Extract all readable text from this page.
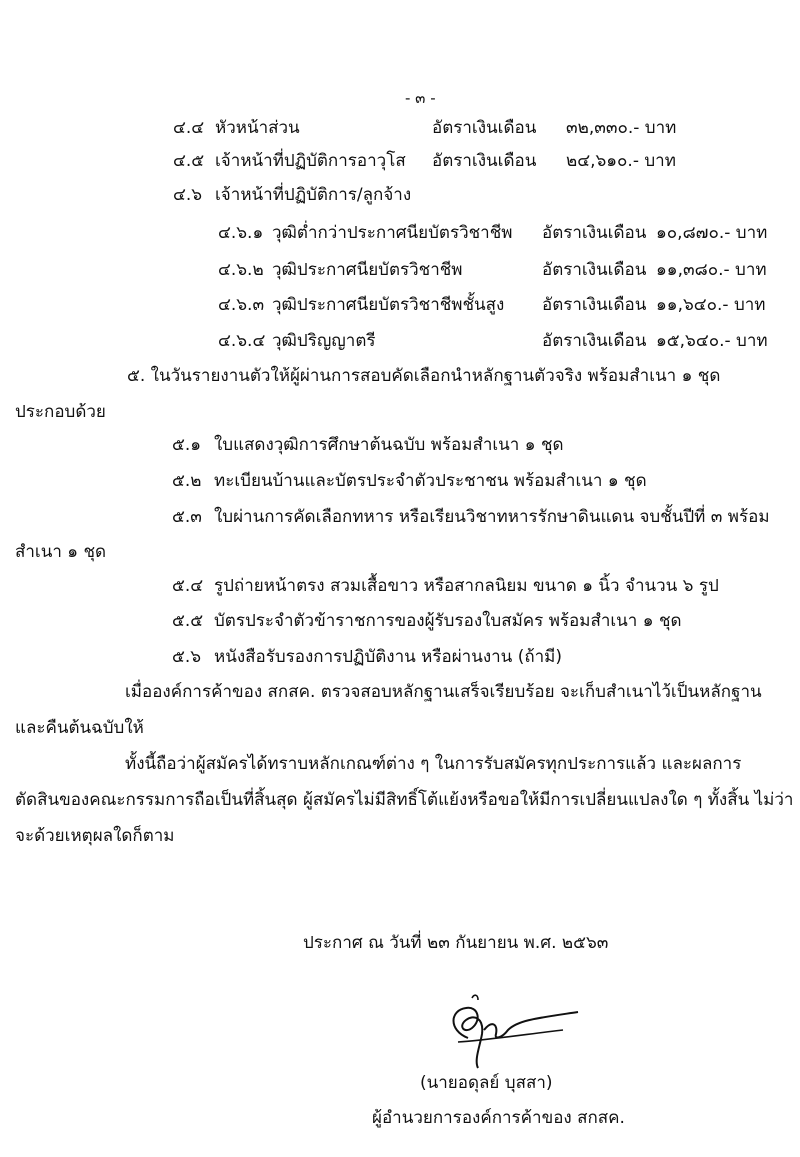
- ๓ -
๔.๔ หัวหน้าส่วน	อัตราเงินเดือน ๓๒,๓๓๐.- บาท
๔.๕ เจ้าหน้าที่ปฏิบัติการอาวุโส อัตราเงินเดือน ๒๔,๖๑๐.- บาท
๔.๖ เจ้าหน้าที่ปฏิบัติการ/ลูกจ้าง
๔.๖.๑ วุฒิต่ำกว่าประกาศนียบัตรวิชาชีพ อัตราเงินเดือน ๑๐,๘๗๐.- บาท
๔.๖.๒ วุฒิประกาศนียบัตรวิชาชีพ	อัตราเงินเดือน ๑๑,๓๘๐.- บาท
๔.๖.๓ วุฒิประกาศนียบัตรวิชาชีพชั้นสูง อัตราเงินเดือน ๑๑,๖๔๐.- บาท
๔.๖.๔ วุฒิปริญญาตรี	อัตราเงินเดือน ๑๕,๖๔๐.- บาท
๕. ในวันรายงานตัวให้ผู้ผ่านการสอบคัดเลือกนำหลักฐานตัวจริง พร้อมสำเนา ๑ ชุด
ประกอบด้วย
๕.๑ ใบแสดงวุฒิการศึกษาต้นฉบับ พร้อมสำเนา ๑ ชุด
๕.๒ ทะเบียนบ้านและบัตรประจำตัวประชาชน พร้อมสำเนา ๑ ชุด
๕.๓ ใบผ่านการคัดเลือกทหาร หรือเรียนวิชาทหารรักษาดินแดน จบชั้นปีที่ ๓ พร้อม
สำเนา ๑ ชุด
๕.๔ รูปถ่ายหน้าตรง สวมเสื้อขาว หรือสากลนิยม ขนาด ๑ นิ้ว จำนวน ๖ รูป
๕.๕ บัตรประจำตัวข้าราชการของผู้รับรองใบสมัคร พร้อมสำเนา ๑ ชุด
๕.๖ หนังสือรับรองการปฏิบัติงาน หรือผ่านงาน (ถ้ามี)
เมื่อองค์การค้าของ สกสค. ตรวจสอบหลักฐานเสร็จเรียบร้อย จะเก็บสำเนาไว้เป็นหลักฐาน
และคืนต้นฉบับให้
ทั้งนี้ถือว่าผู้สมัครได้ทราบหลักเกณฑ์ต่าง ๆ ในการรับสมัครทุกประการแล้ว และผลการ
ตัดสินของคณะกรรมการถือเป็นที่สิ้นสุด ผู้สมัครไม่มีสิทธิ์โต้แย้งหรือขอให้มีการเปลี่ยนแปลงใด ๆ ทั้งสิ้น ไม่ว่า
จะด้วยเหตุผลใดก็ตาม
ประกาศ ณ วันที่ ๒๓ กันยายน พ.ศ. ๒๕๖๓
(นายอดุลย์ บุสสา)
ผู้อำนวยการองค์การค้าของ สกสค.
